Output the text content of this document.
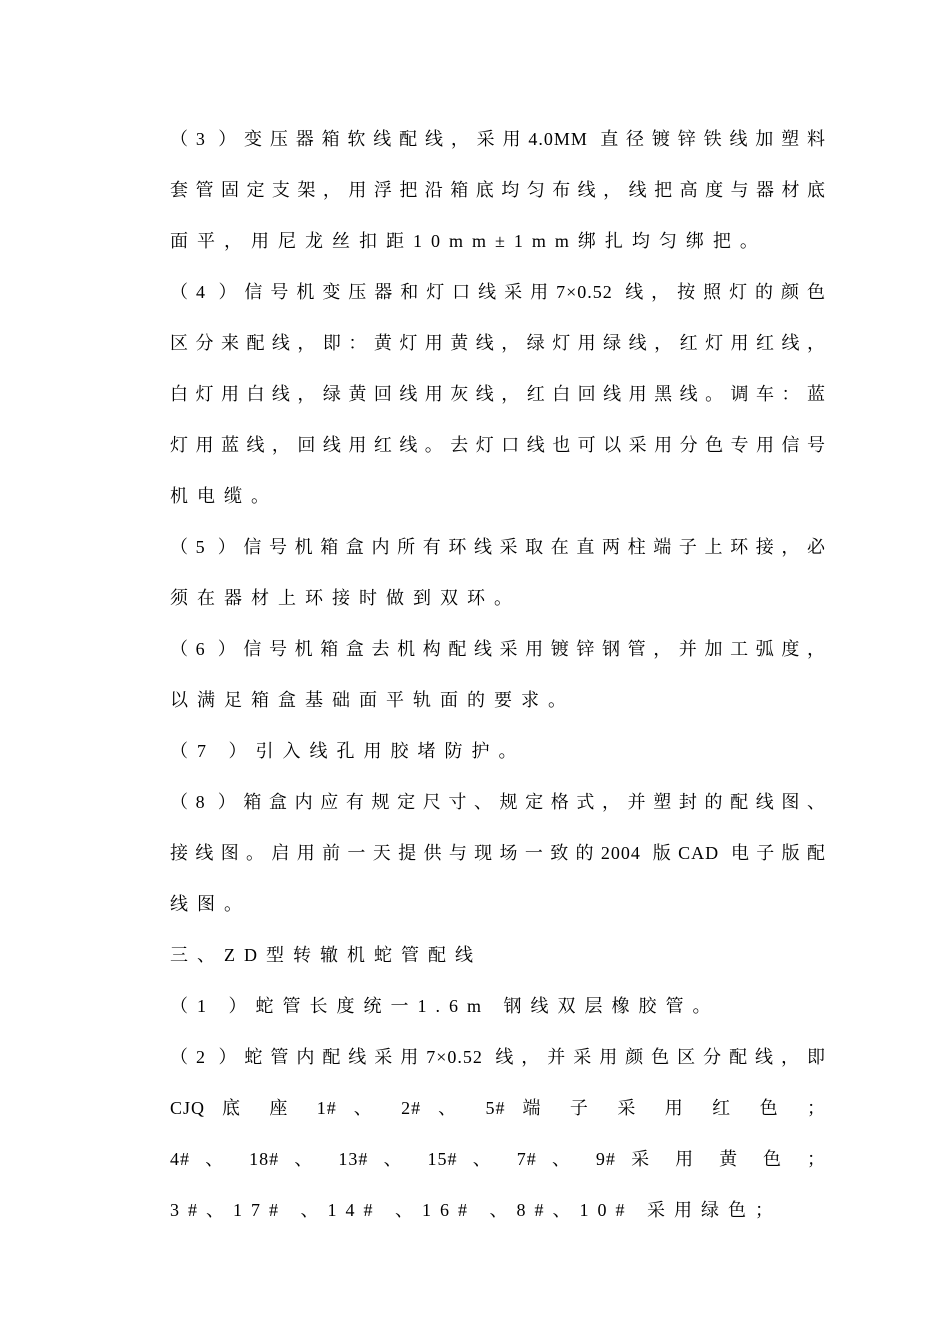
（3 ）变压器箱软线配线，采用4.0MM 直径镀锌铁线加塑料
套管固定支架，用浮把沿箱底均匀布线，线把高度与器材底
面平，用尼龙丝扣距10mm±1mm绑扎均匀绑把。
（4 ）信号机变压器和灯口线采用7×0.52 线，按照灯的颜色
区分来配线，即：黄灯用黄线，绿灯用绿线，红灯用红线，
白灯用白线，绿黄回线用灰线，红白回线用黑线。调车：蓝
灯用蓝线，回线用红线。去灯口线也可以采用分色专用信号
机电缆。
（5 ）信号机箱盒内所有环线采取在直两柱端子上环接，必
须在器材上环接时做到双环。
（6 ）信号机箱盒去机构配线采用镀锌钢管，并加工弧度，
以满足箱盒基础面平轨面的要求。
（7 ）引入线孔用胶堵防护。
（8 ）箱盒内应有规定尺寸、规定格式，并塑封的配线图、
接线图。启用前一天提供与现场一致的2004 版CAD 电子版配
线图。
三、ZD型转辙机蛇管配线
（1 ）蛇管长度统一1.6m 钢线双层橡胶管。
（2 ）蛇管内配线采用7×0.52 线，并采用颜色区分配线，即
CJQ 底 座 1# 、 2# 、 5# 端 子 采 用 红 色 ；
4# 、 18# 、 13# 、 15# 、 7# 、 9# 采 用 黄 色 ；
3#、17# 、14# 、16# 、8#、10# 采用绿色；
